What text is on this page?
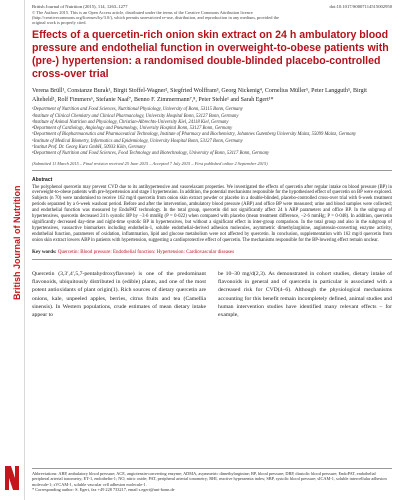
British Journal of Nutrition
British Journal of Nutrition (2015), 114, 1263–1277
© The Authors 2015. This is an Open Access article, distributed under the terms of the Creative Commons Attribution licence (http://creativecommons.org/licenses/by/3.0/), which permits unrestricted re-use, distribution, and reproduction in any medium, provided the original work is properly cited.
doi:10.1017/S0007114515002950
Effects of a quercetin-rich onion skin extract on 24 h ambulatory blood pressure and endothelial function in overweight-to-obese patients with (pre-) hypertension: a randomised double-blinded placebo-controlled cross-over trial
Verena Brüll¹, Constanze Burak¹, Birgit Stoffel-Wagner², Siegfried Wolffram³, Georg Nickenig⁴, Cornelius Müller⁵, Peter Langguth⁵, Birgit Alteheld¹, Rolf Fimmers⁶, Stefanie Naaf⁷, Benno F. Zimmermann⁷,⁸, Peter Stehle¹ and Sarah Egert¹*
¹Department of Nutrition and Food Sciences, Nutritional Physiology, University of Bonn, 53115 Bonn, Germany
²Institute of Clinical Chemistry and Clinical Pharmacology, University Hospital Bonn, 53127 Bonn, Germany
³Institute of Animal Nutrition and Physiology, Christian-Albrechts-University Kiel, 24118 Kiel, Germany
⁴Department of Cardiology, Angiology and Pneumology, University Hospital Bonn, 53127 Bonn, Germany
⁵Department of Biopharmaceutics and Pharmaceutical Technology, Institute of Pharmacy and Biochemistry, Johannes Gutenberg University Mainz, 55099 Mainz, Germany
⁶Institute of Medical Biometry, Informatics and Epidemiology, University Hospital Bonn, 53127 Bonn, Germany
⁷Institut Prof. Dr. Georg Kurz GmbH, 50933 Köln, Germany
⁸Department of Nutrition and Food Sciences, Food Technology and Biotechnology, University of Bonn, 53117 Bonn, Germany
(Submitted 11 March 2015 – Final revision received 25 June 2015 – Accepted 7 July 2015 – First published online 2 September 2015)
Abstract
The polyphenol quercetin may prevent CVD due to its antihypertensive and vasorelaxant properties. We investigated the effects of quercetin after regular intake on blood pressure (BP) in overweight-to-obese patients with pre-hypertension and stage I hypertension. In addition, the potential mechanisms responsible for the hypothesised effect of quercetin on BP were explored. Subjects (n 70) were randomised to receive 162 mg/d quercetin from onion skin extract powder or placebo in a double-blinded, placebo-controlled cross-over trial with 6-week treatment periods separated by a 6-week washout period. Before and after the intervention, ambulatory blood pressure (ABP) and office BP were measured; urine and blood samples were collected; and endothelial function was measured by EndoPAT technology. In the total group, quercetin did not significantly affect 24 h ABP parameters and office BP. In the subgroup of hypertensives, quercetin decreased 24 h systolic BP by −3·6 mmHg (P = 0·022) when compared with placebo (mean treatment difference, −2·6 mmHg; P = 0·048). In addition, quercetin significantly decreased day-time and night-time systolic BP in hypertensives, but without a significant effect in inter-group comparison. In the total group and also in the subgroup of hypertensives, vasoactive biomarkers including endothelin-1, soluble endothelial-derived adhesion molecules, asymmetric dimethylarginine, angiotensin-converting enzyme activity, endothelial function, parameters of oxidation, inflammation, lipid and glucose metabolism were not affected by quercetin. In conclusion, supplementation with 162 mg/d quercetin from onion skin extract lowers ABP in patients with hypertension, suggesting a cardioprotective effect of quercetin. The mechanisms responsible for the BP-lowering effect remain unclear.
Key words: Quercetin: Blood pressure: Endothelial function: Hypertension: Cardiovascular diseases
Quercetin (3,3′,4′,5,7-pentahydroxyflavone) is one of the predominant flavonoids, ubiquitously distributed in (edible) plants, and one of the most potent antioxidants of plant origin(1). Rich sources of dietary quercetin are onions, kale, unpeeled apples, berries, citrus fruits and tea (Camellia sinensis). In Western populations, crude estimates of mean dietary intake appear to
be 10–30 mg/d(2,3). As demonstrated in cohort studies, dietary intake of flavonoids in general and of quercetin in particular is associated with a decreased risk for CVD(4–6). Although the physiological mechanisms accounting for this benefit remain incompletely defined, animal studies and human intervention studies have identified many relevant effects – for example,
Abbreviations: ABP, ambulatory blood pressure; ACE, angiotensin-converting enzyme; ADMA, asymmetric dimethylarginine; BP, blood pressure; DBP, diastolic blood pressure; EndoPAT, endothelial peripheral arterial tonometry; ET-1, endothelin-1; NO, nitric oxide; PAT, peripheral arterial tonometry; RHI, reactive hyperaemia index; SBP, systolic blood pressure; sICAM-1, soluble intercellular adhesion molecule-1; sVCAM-1, soluble vascular cell adhesion molecule-1.
* Corresponding author: S. Egert, fax +49 228 733217, email s.egert@uni-bonn.de
